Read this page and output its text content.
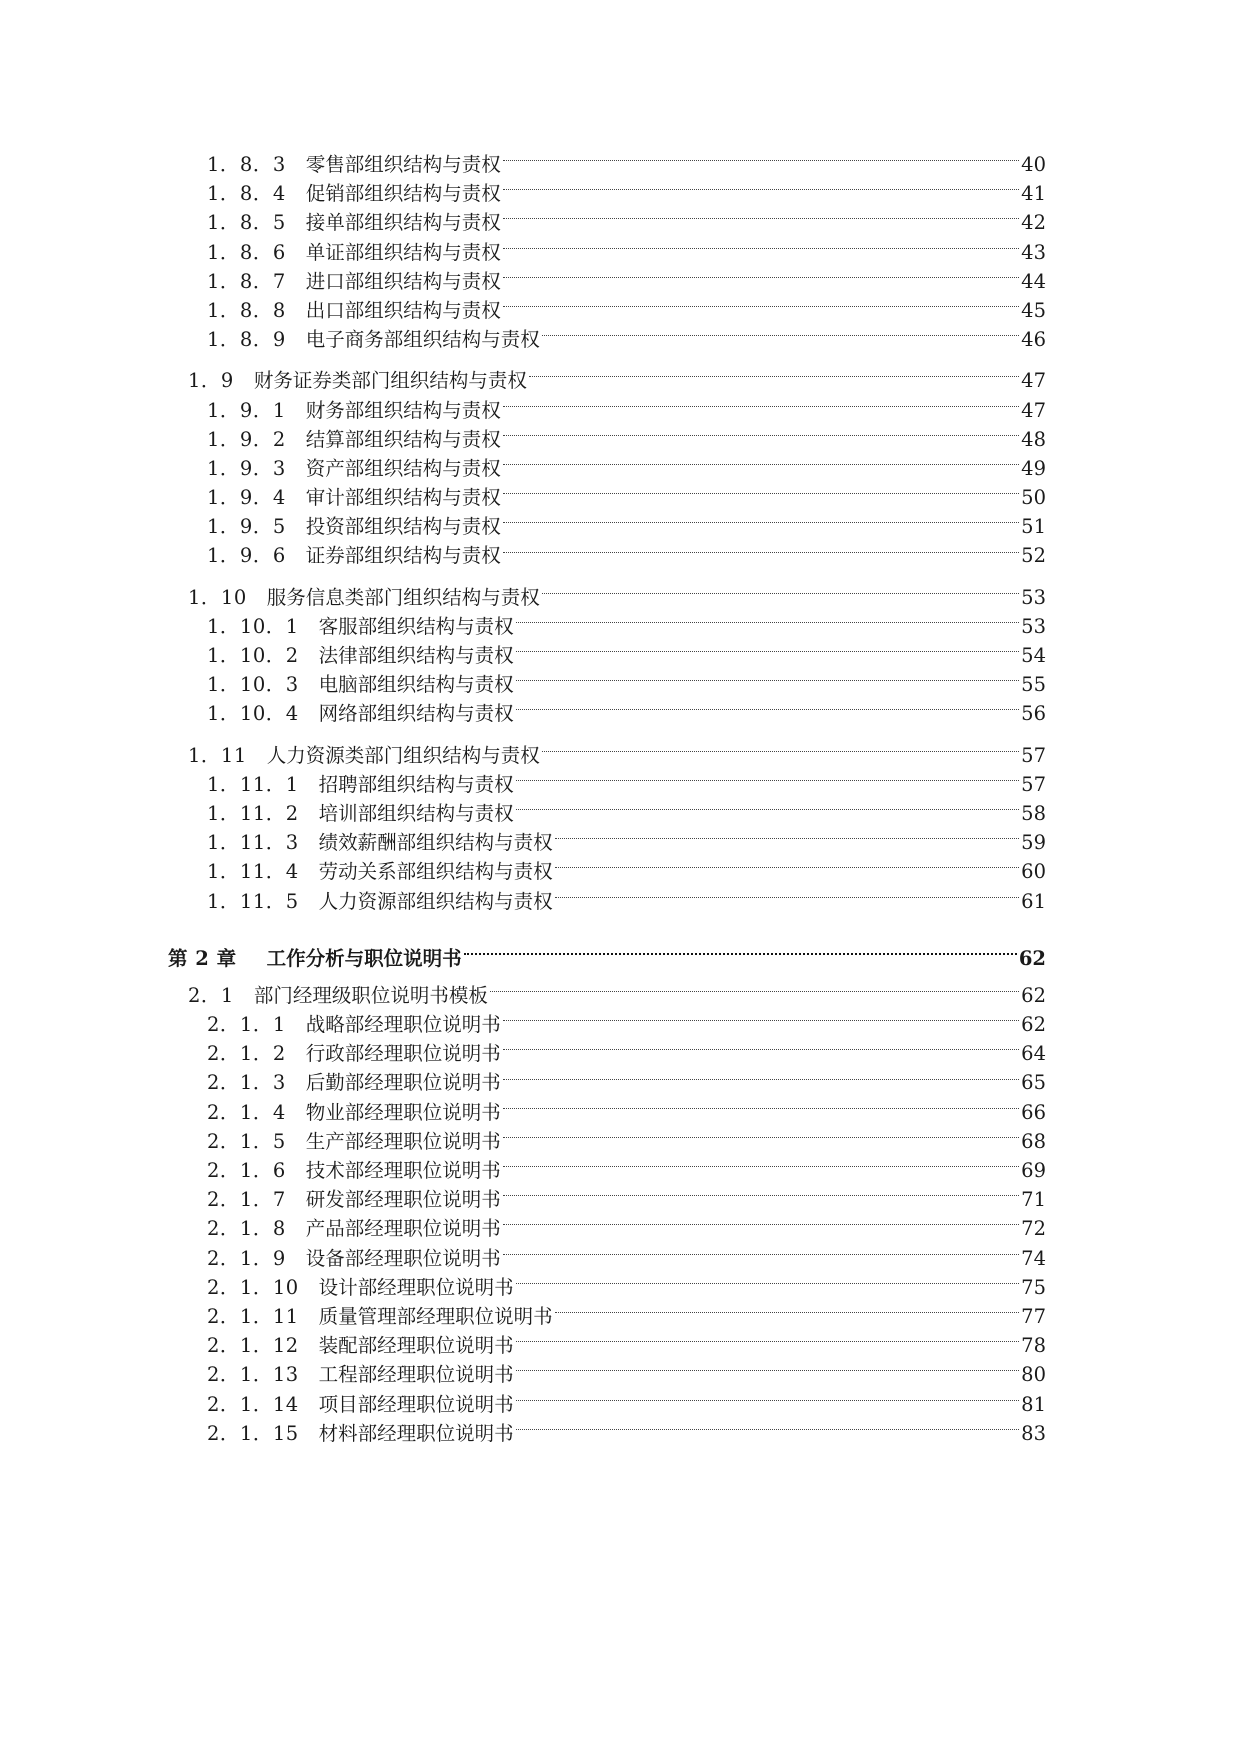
1．8．3 零售部组织结构与责权	40
1．8．4 促销部组织结构与责权	41
1．8．5 接单部组织结构与责权	42
1．8．6 单证部组织结构与责权	43
1．8．7 进口部组织结构与责权	44
1．8．8 出口部组织结构与责权	45
1．8．9 电子商务部组织结构与责权	46
1．9 财务证券类部门组织结构与责权	47
1．9．1 财务部组织结构与责权	47
1．9．2 结算部组织结构与责权	48
1．9．3 资产部组织结构与责权	49
1．9．4 审计部组织结构与责权	50
1．9．5 投资部组织结构与责权	51
1．9．6 证券部组织结构与责权	52
1．10 服务信息类部门组织结构与责权	53
1．10．1 客服部组织结构与责权	53
1．10．2 法律部组织结构与责权	54
1．10．3 电脑部组织结构与责权	55
1．10．4 网络部组织结构与责权	56
1．11 人力资源类部门组织结构与责权	57
1．11．1 招聘部组织结构与责权	57
1．11．2 培训部组织结构与责权	58
1．11．3 绩效薪酬部组织结构与责权	59
1．11．4 劳动关系部组织结构与责权	60
1．11．5 人力资源部组织结构与责权	61
第 2 章 工作分析与职位说明书	62
2．1 部门经理级职位说明书模板	62
2．1．1 战略部经理职位说明书	62
2．1．2 行政部经理职位说明书	64
2．1．3 后勤部经理职位说明书	65
2．1．4 物业部经理职位说明书	66
2．1．5 生产部经理职位说明书	68
2．1．6 技术部经理职位说明书	69
2．1．7 研发部经理职位说明书	71
2．1．8 产品部经理职位说明书	72
2．1．9 设备部经理职位说明书	74
2．1．10 设计部经理职位说明书	75
2．1．11 质量管理部经理职位说明书	77
2．1．12 装配部经理职位说明书	78
2．1．13 工程部经理职位说明书	80
2．1．14 项目部经理职位说明书	81
2．1．15 材料部经理职位说明书	83
